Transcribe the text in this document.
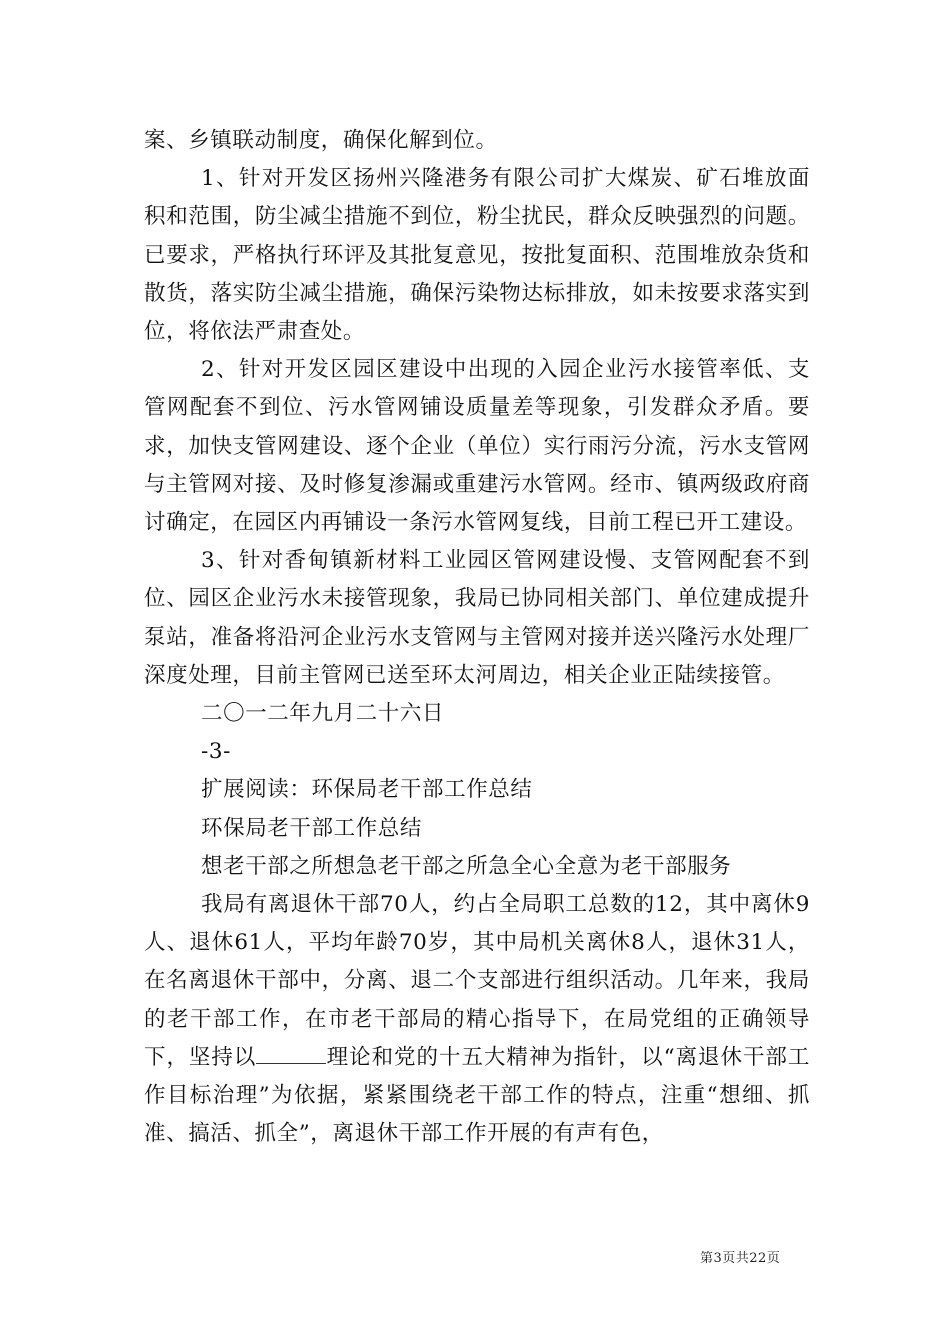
案、乡镇联动制度，确保化解到位。

1、针对开发区扬州兴隆港务有限公司扩大煤炭、矿石堆放面积和范围，防尘减尘措施不到位，粉尘扰民，群众反映强烈的问题。已要求，严格执行环评及其批复意见，按批复面积、范围堆放杂货和散货，落实防尘减尘措施，确保污染物达标排放，如未按要求落实到位，将依法严肃查处。

2、针对开发区园区建设中出现的入园企业污水接管率低、支管网配套不到位、污水管网铺设质量差等现象，引发群众矛盾。要求，加快支管网建设、逐个企业（单位）实行雨污分流，污水支管网与主管网对接、及时修复渗漏或重建污水管网。经市、镇两级政府商讨确定，在园区内再铺设一条污水管网复线，目前工程已开工建设。

3、针对香甸镇新材料工业园区管网建设慢、支管网配套不到位、园区企业污水未接管现象，我局已协同相关部门、单位建成提升泵站，准备将沿河企业污水支管网与主管网对接并送兴隆污水处理厂深度处理，目前主管网已送至环太河周边，相关企业正陆续接管。

二〇一二年九月二十六日

-3-

扩展阅读：环保局老干部工作总结

环保局老干部工作总结

想老干部之所想急老干部之所急全心全意为老干部服务

我局有离退休干部70人，约占全局职工总数的12，其中离休9人、退休61人，平均年龄70岁，其中局机关离休8人，退休31人，在名离退休干部中，分离、退二个支部进行组织活动。几年来，我局的老干部工作，在市老干部局的精心指导下，在局党组的正确领导下，坚持以	理论和党的十五大精神为指针，以“离退休干部工作目标治理”为依据，紧紧围绕老干部工作的特点，注重“想细、抓准、搞活、抓全”，离退休干部工作开展的有声有色，

第3页共22页
